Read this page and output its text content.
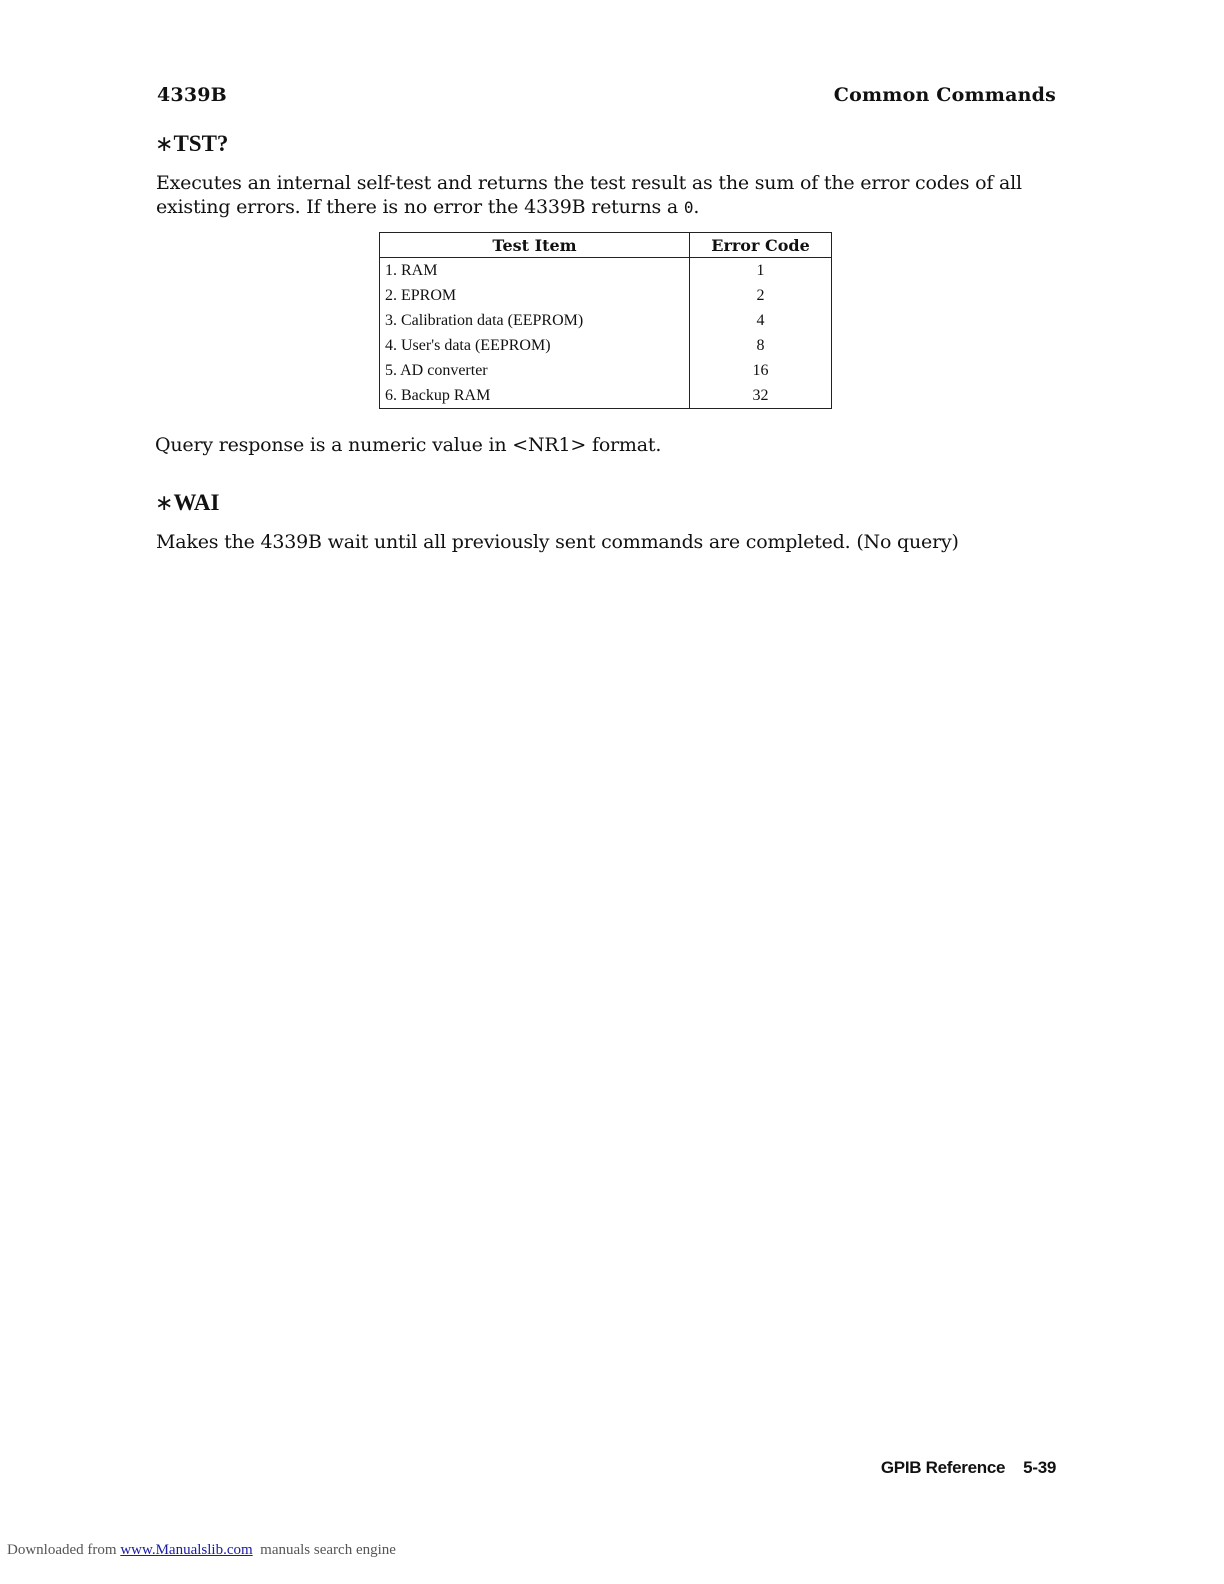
4339B	Common Commands
∗TST?
Executes an internal self-test and returns the test result as the sum of the error codes of all existing errors. If there is no error the 4339B returns a 0.
Test Item	Error Code
1. RAM	1
2. EPROM	2
3. Calibration data (EEPROM)	4
4. User's data (EEPROM)	8
5. AD converter	16
6. Backup RAM	32
Query response is a numeric value in <NR1> format.
∗WAI
Makes the 4339B wait until all previously sent commands are completed. (No query)
GPIB Reference 5-39
Downloaded from www.Manualslib.com  manuals search engine
